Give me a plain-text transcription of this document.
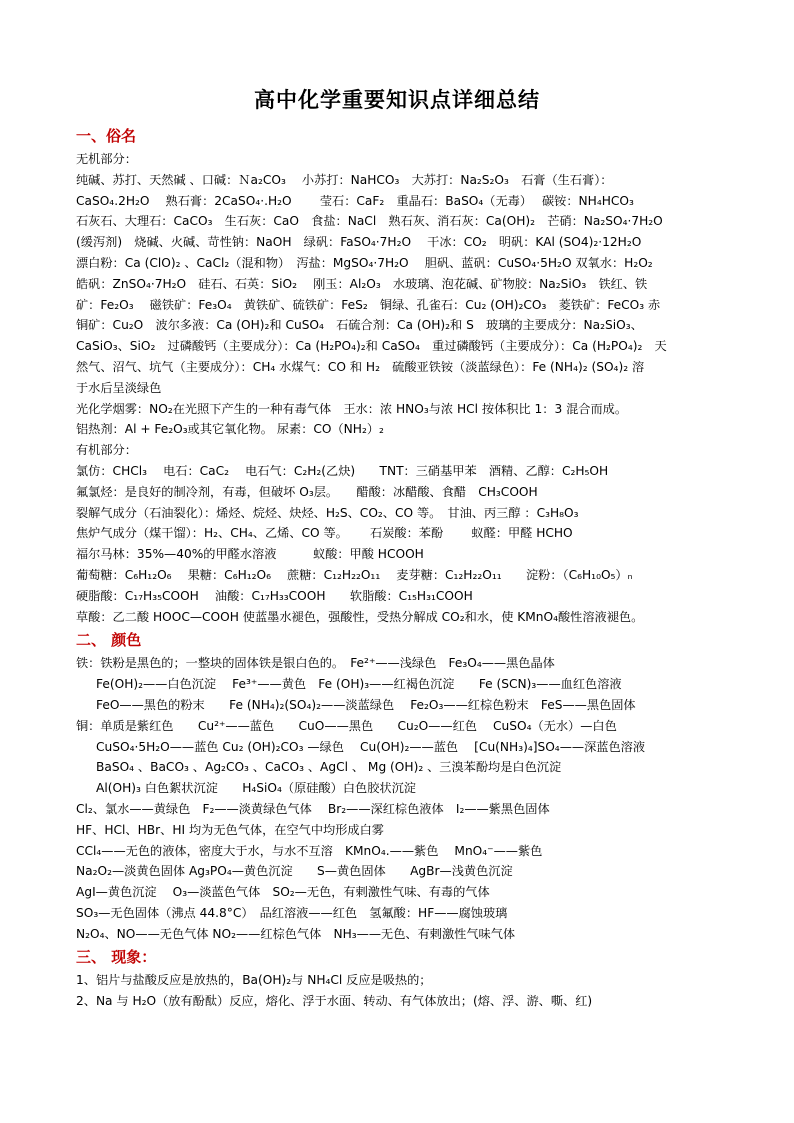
高中化学重要知识点详细总结
一、俗名
无机部分：
纯碱、苏打、天然碱 、口碱：Ｎa₂CO₃　 小苏打：NaHCO₃　大苏打：Na₂S₂O₃　石膏（生石膏）：
CaSO₄.2H₂O　 熟石膏：2CaSO₄·.H₂O　　 莹石：CaF₂　重晶石：BaSO₄（无毒）　 碳铵：NH₄HCO₃
石灰石、大理石：CaCO₃　生石灰：CaO　食盐：NaCl　熟石灰、消石灰：Ca(OH)₂　芒硝：Na₂SO₄·7H₂O
(缓泻剂)　烧碱、火碱、苛性钠：NaOH　绿矾：FaSO₄·7H₂O　 干冰：CO₂　明矾：KAl (SO4)₂·12H₂O
漂白粉：Ca (ClO)₂ 、CaCl₂（混和物）　泻盐：MgSO₄·7H₂O　 胆矾、蓝矾：CuSO₄·5H₂O 双氧水：H₂O₂
皓矾：ZnSO₄·7H₂O　硅石、石英：SiO₂　 刚玉：Al₂O₃　水玻璃、泡花碱、矿物胶：Na₂SiO₃　铁红、铁
矿：Fe₂O₃　 磁铁矿：Fe₃O₄　黄铁矿、硫铁矿：FeS₂　铜绿、孔雀石：Cu₂ (OH)₂CO₃　菱铁矿：FeCO₃ 赤
铜矿：Cu₂O　波尔多液：Ca (OH)₂和 CuSO₄　石硫合剂：Ca (OH)₂和 S　玻璃的主要成分：Na₂SiO₃、
CaSiO₃、SiO₂　过磷酸钙（主要成分）：Ca (H₂PO₄)₂和 CaSO₄　重过磷酸钙（主要成分）：Ca (H₂PO₄)₂　天
然气、沼气、坑气（主要成分）：CH₄ 水煤气：CO 和 H₂　硫酸亚铁铵（淡蓝绿色）：Fe (NH₄)₂ (SO₄)₂ 溶
于水后呈淡绿色
光化学烟雾：NO₂在光照下产生的一种有毒气体　王水：浓 HNO₃与浓 HCl 按体积比 1：3 混合而成。
铝热剂：Al + Fe₂O₃或其它氧化物。 尿素：CO（NH₂）₂
有机部分：
氯仿：CHCl₃　 电石：CaC₂　 电石气：C₂H₂(乙炔)　　TNT：三硝基甲苯　酒精、乙醇：C₂H₅OH
氟氯烃：是良好的制冷剂，有毒，但破坏 O₃层。　　醋酸：冰醋酸、食醋　CH₃COOH
裂解气成分（石油裂化）：烯烃、烷烃、炔烃、H₂S、CO₂、CO 等。　甘油、丙三醇 ：C₃H₈O₃
焦炉气成分（煤干馏）：H₂、CH₄、乙烯、CO 等。　　 石炭酸：苯酚　　 蚁醛：甲醛 HCHO
福尔马林：35%—40%的甲醛水溶液　　　蚁酸：甲酸 HCOOH
葡萄糖：C₆H₁₂O₆　 果糖：C₆H₁₂O₆　 蔗糖：C₁₂H₂₂O₁₁　 麦芽糖：C₁₂H₂₂O₁₁　　淀粉：（C₆H₁₀O₅）ₙ
硬脂酸：C₁₇H₃₅COOH　 油酸：C₁₇H₃₃COOH　　软脂酸：C₁₅H₃₁COOH
草酸：乙二酸 HOOC—COOH 使蓝墨水褪色，强酸性，受热分解成 CO₂和水，使 KMnO₄酸性溶液褪色。
二、 颜色
铁：铁粉是黑色的；一整块的固体铁是银白色的。　Fe²⁺——浅绿色　Fe₃O₄——黑色晶体
Fe(OH)₂——白色沉淀　 Fe³⁺——黄色　Fe (OH)₃——红褐色沉淀　　Fe (SCN)₃——血红色溶液
FeO——黑色的粉末　　Fe (NH₄)₂(SO₄)₂——淡蓝绿色　 Fe₂O₃——红棕色粉末　FeS——黑色固体
铜：单质是紫红色　　Cu²⁺——蓝色　　CuO——黑色　　Cu₂O——红色　 CuSO₄（无水）—白色
CuSO₄·5H₂O——蓝色 Cu₂ (OH)₂CO₃ —绿色　 Cu(OH)₂——蓝色　 [Cu(NH₃)₄]SO₄——深蓝色溶液
BaSO₄ 、BaCO₃ 、Ag₂CO₃ 、CaCO₃ 、AgCl 、 Mg (OH)₂ 、三溴苯酚均是白色沉淀
Al(OH)₃ 白色絮状沉淀　　H₄SiO₄（原硅酸）白色胶状沉淀
Cl₂、氯水——黄绿色　F₂——淡黄绿色气体　 Br₂——深红棕色液体　I₂——紫黑色固体
HF、HCl、HBr、HI 均为无色气体，在空气中均形成白雾
CCl₄——无色的液体，密度大于水，与水不互溶　KMnO₄.——紫色　 MnO₄⁻——紫色
Na₂O₂—淡黄色固体 Ag₃PO₄—黄色沉淀　　S—黄色固体　　AgBr—浅黄色沉淀
AgI—黄色沉淀　 O₃—淡蓝色气体　SO₂—无色，有剌激性气味、有毒的气体
SO₃—无色固体（沸点 44.8°C）　品红溶液——红色　氢氟酸：HF——腐蚀玻璃
N₂O₄、NO——无色气体 NO₂——红棕色气体　NH₃——无色、有剌激性气味气体
三、 现象：
1、铝片与盐酸反应是放热的，Ba(OH)₂与 NH₄Cl 反应是吸热的；
2、Na 与 H₂O（放有酚酞）反应，熔化、浮于水面、转动、有气体放出；(熔、浮、游、嘶、红)
